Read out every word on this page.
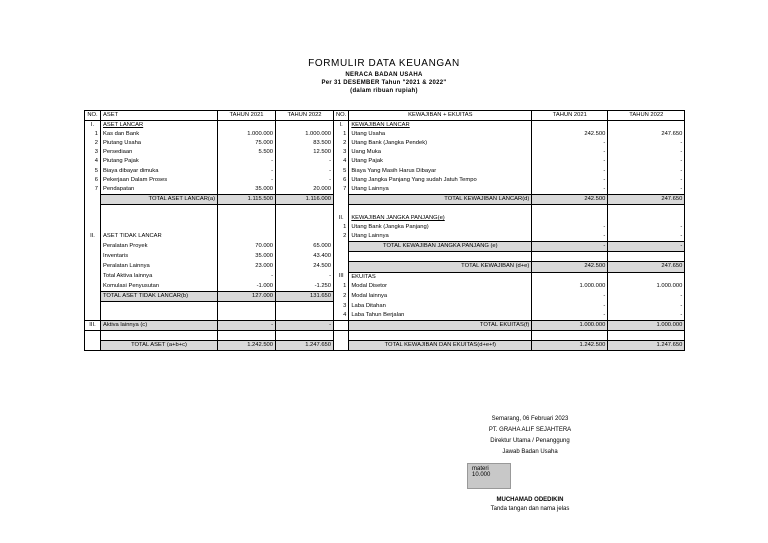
FORMULIR DATA KEUANGAN
NERACA BADAN USAHA
Per 31 DESEMBER Tahun "2021 & 2022"
(dalam ribuan rupiah)
NO.	ASET	TAHUN 2021	TAHUN 2022	NO.	KEWAJIBAN + EKUITAS	TAHUN 2021	TAHUN 2022
I.	ASET LANCAR			I.	KEWAJIBAN LANCAR		
1	Kas dan Bank	1.000.000	1.000.000	1	Utang Usaha	242.500	247.650
2	Piutang Usaha	75.000	83.500	2	Utang Bank (Jangka Pendek)	-	-
3	Persediaan	5.500	12.500	3	Uang Muka	-	-
4	Piutang Pajak	-	-	4	Utang Pajak	-	-
5	Biaya dibayar dimuka	-	-	5	Biaya Yang Masih Harus Dibayar	-	-
6	Pekerjaan Dalam Proses	-	-	6	Utang Jangka Panjang Yang sudah Jatuh Tempo	-	-
7	Pendapatan	35.000	20.000	7	Utang Lainnya	-	-
	TOTAL ASET LANCAR(a)	1.115.500	1.116.000		TOTAL KEWAJIBAN LANCAR(d)	242.500	247.650

				II.	KEWAJIBAN JANGKA PANJANG(e)		
				1	Utang Bank (Jangka Panjang)	-	-
II.	ASET TIDAK LANCAR			2	Utang Lainnya	-	-
	Peralatan Proyek	70.000	65.000		TOTAL KEWAJIBAN JANGKA PANJANG (e)	-	-
	Inventaris	35.000	43.400				
	Peralatan Lainnya	23.000	24.500		TOTAL KEWAJIBAN (d+e)	242.500	247.650
	Total Aktiva lainnya	-	-	III	EKUITAS		
	Komulasi Penyusutan	-1.000	-1.250	1	Modal Disetor	1.000.000	1.000.000
	TOTAL ASET TIDAK LANCAR(b)	127.000	131.650	2	Modal lainnya	-	-
				3	Laba Ditahan	-	-
				4	Laba Tahun Berjalan	-	-
III.	Aktiva lainnya (c)	-	-		TOTAL EKUITAS(f)	1.000.000	1.000.000

	TOTAL ASET (a+b+c)	1.242.500	1.247.650		TOTAL KEWAJIBAN DAN EKUITAS(d+e+f)	1.242.500	1.247.650
Semarang, 06 Februari 2023
PT. GRAHA ALIF SEJAHTERA
Direktur Utama / Penanggung
Jawab Badan Usaha
materi
10.000
MUCHAMAD ODEDIKIN
Tanda tangan dan nama jelas
